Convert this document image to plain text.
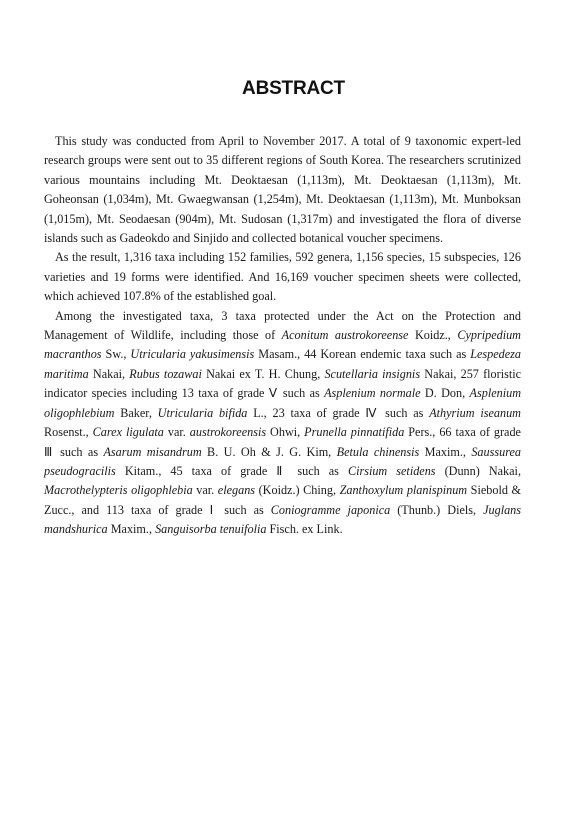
ABSTRACT

This study was conducted from April to November 2017. A total of 9 taxonomic expert-led research groups were sent out to 35 different regions of South Korea. The researchers scrutinized various mountains including Mt. Deoktaesan (1,113m), Mt. Deoktaesan (1,113m), Mt. Goheonsan (1,034m), Mt. Gwaegwansan (1,254m), Mt. Deoktaesan (1,113m), Mt. Munboksan (1,015m), Mt. Seodaesan (904m), Mt. Sudosan (1,317m) and investigated the flora of diverse islands such as Gadeokdo and Sinjido and collected botanical voucher specimens.

As the result, 1,316 taxa including 152 families, 592 genera, 1,156 species, 15 subspecies, 126 varieties and 19 forms were identified. And 16,169 voucher specimen sheets were collected, which achieved 107.8% of the established goal.

Among the investigated taxa, 3 taxa protected under the Act on the Protection and Management of Wildlife, including those of Aconitum austrokoreense Koidz., Cypripedium macranthos Sw., Utricularia yakusimensis Masam., 44 Korean endemic taxa such as Lespedeza maritima Nakai, Rubus tozawai Nakai ex T. H. Chung, Scutellaria insignis Nakai, 257 floristic indicator species including 13 taxa of grade Ⅴ such as Asplenium normale D. Don, Asplenium oligophlebium Baker, Utricularia bifida L., 23 taxa of grade Ⅳ such as Athyrium iseanum Rosenst., Carex ligulata var. austrokoreensis Ohwi, Prunella pinnatifida Pers., 66 taxa of grade Ⅲ such as Asarum misandrum B. U. Oh & J. G. Kim, Betula chinensis Maxim., Saussurea pseudogracilis Kitam., 45 taxa of grade Ⅱ such as Cirsium setidens (Dunn) Nakai, Macrothelypteris oligophlebia var. elegans (Koidz.) Ching, Zanthoxylum planispinum Siebold & Zucc., and 113 taxa of grade Ⅰ such as Coniogramme japonica (Thunb.) Diels, Juglans mandshurica Maxim., Sanguisorba tenuifolia Fisch. ex Link.
